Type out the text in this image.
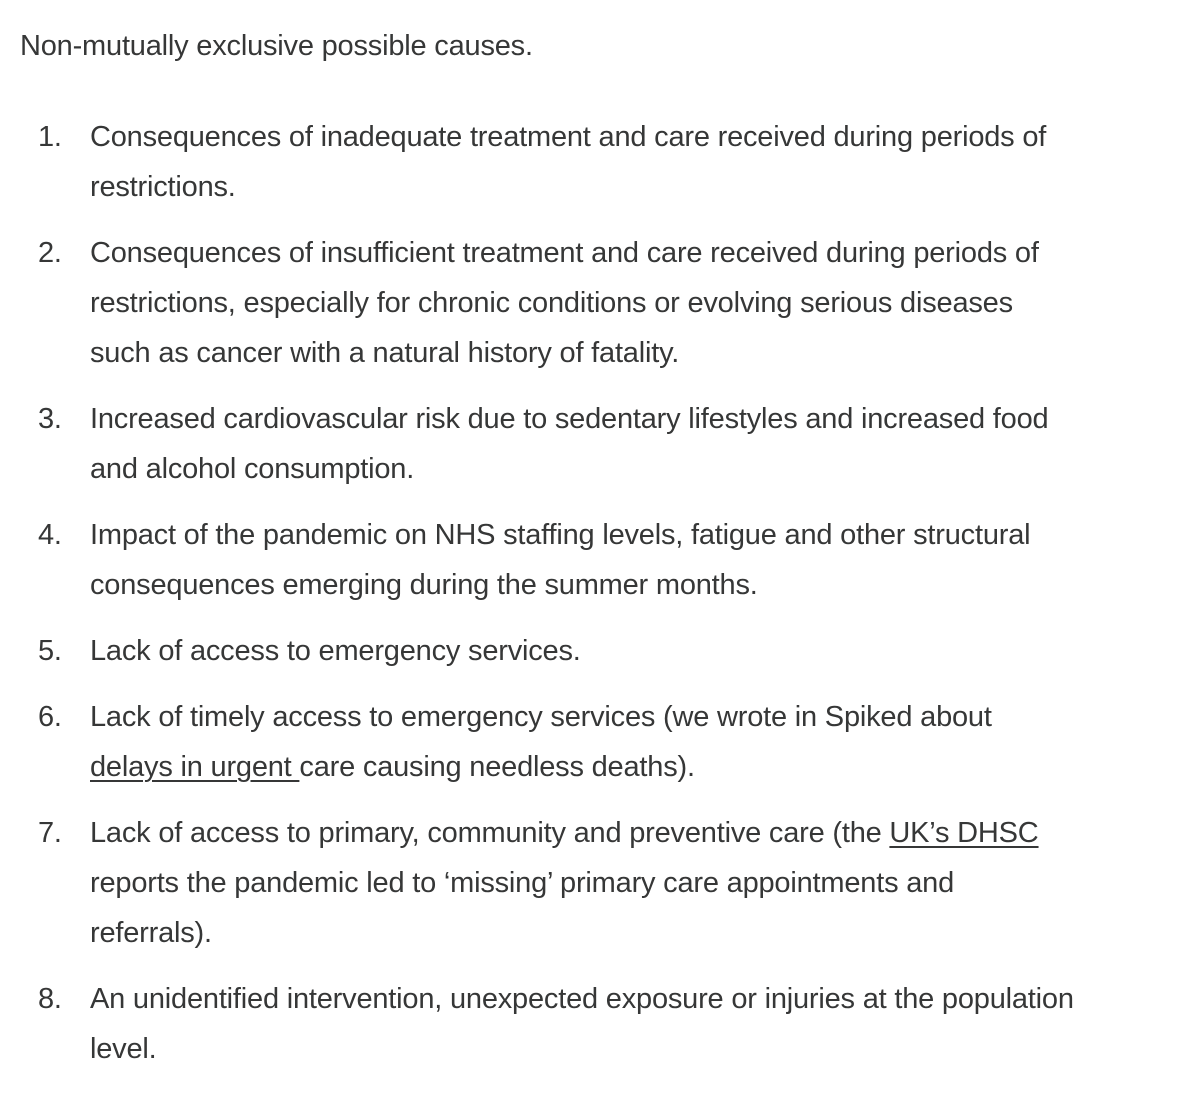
Non-mutually exclusive possible causes.

1. Consequences of inadequate treatment and care received during periods of restrictions.
2. Consequences of insufficient treatment and care received during periods of restrictions, especially for chronic conditions or evolving serious diseases such as cancer with a natural history of fatality.
3. Increased cardiovascular risk due to sedentary lifestyles and increased food and alcohol consumption.
4. Impact of the pandemic on NHS staffing levels, fatigue and other structural consequences emerging during the summer months.
5. Lack of access to emergency services.
6. Lack of timely access to emergency services (we wrote in Spiked about delays in urgent care causing needless deaths).
7. Lack of access to primary, community and preventive care (the UK’s DHSC reports the pandemic led to ‘missing’ primary care appointments and referrals).
8. An unidentified intervention, unexpected exposure or injuries at the population level.
